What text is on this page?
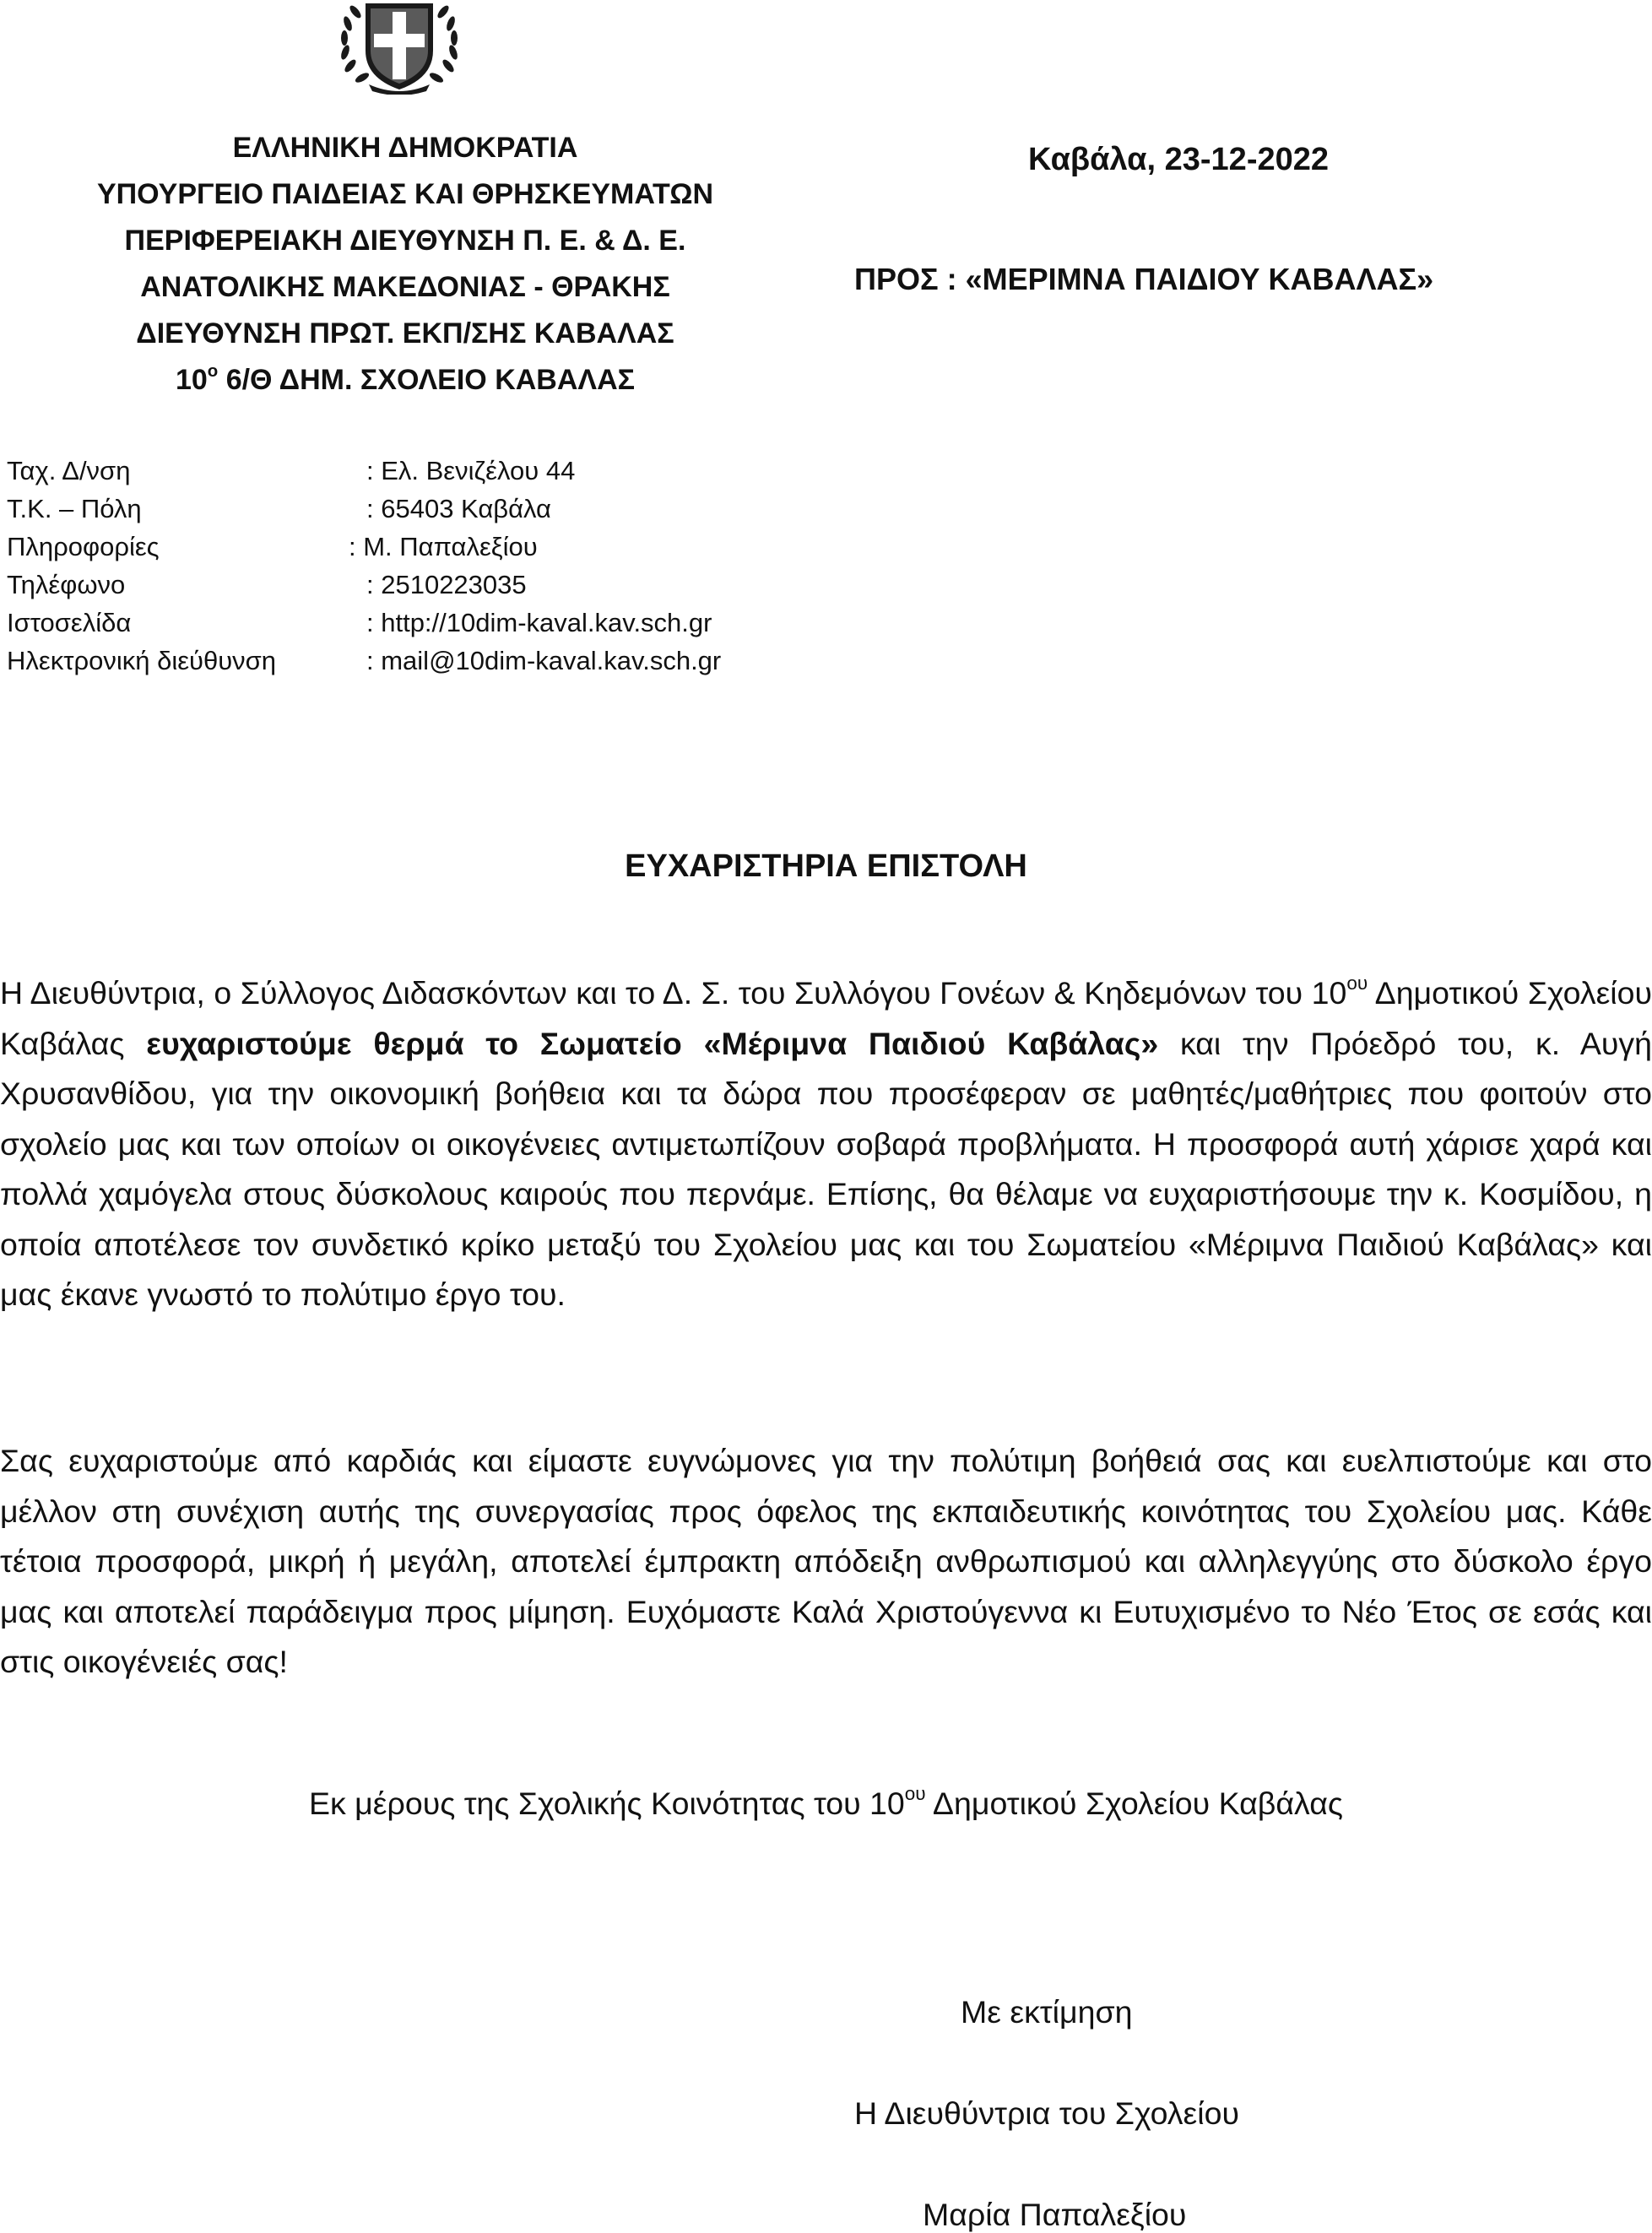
ΕΛΛΗΝΙΚΗ ΔΗΜΟΚΡΑΤΙΑ
ΥΠΟΥΡΓΕΙΟ ΠΑΙΔΕΙΑΣ ΚΑΙ ΘΡΗΣΚΕΥΜΑΤΩΝ
ΠΕΡΙΦΕΡΕΙΑΚΗ ΔΙΕΥΘΥΝΣΗ Π. Ε. & Δ. Ε.
ΑΝΑΤΟΛΙΚΗΣ ΜΑΚΕΔΟΝΙΑΣ - ΘΡΑΚΗΣ
ΔΙΕΥΘΥΝΣΗ ΠΡΩΤ. ΕΚΠ/ΣΗΣ ΚΑΒΑΛΑΣ
$10^o$ 6/Θ ΔΗΜ. ΣΧΟΛΕΙΟ ΚΑΒΑΛΑΣ
Καβάλα, 23-12-2022
ΠΡΟΣ : «ΜΕΡΙΜΝΑ ΠΑΙΔΙΟΥ ΚΑΒΑΛΑΣ»
Ταχ. Δ/νση	: Ελ. Βενιζέλου 44
Τ.Κ. – Πόλη	: 65403 Καβάλα
Πληροφορίες	: Μ. Παπαλεξίου
Τηλέφωνο	: 2510223035
Ιστοσελίδα	: http://10dim-kaval.kav.sch.gr
Ηλεκτρονική διεύθυνση	: mail@10dim-kaval.kav.sch.gr
ΕΥΧΑΡΙΣΤΗΡΙΑ ΕΠΙΣΤΟΛΗ
Η Διευθύντρια, ο Σύλλογος Διδασκόντων και το Δ. Σ. του Συλλόγου Γονέων & Κηδεμόνων του $10^{o\upsilon}$ Δημοτικού Σχολείου Καβάλας ευχαριστούμε θερμά το Σωματείο «Μέριμνα Παιδιού Καβάλας» και την Πρόεδρό του, κ. Αυγή Χρυσανθίδου, για την οικονομική βοήθεια και τα δώρα που προσέφεραν σε μαθητές/μαθήτριες που φοιτούν στο σχολείο μας και των οποίων οι οικογένειες αντιμετωπίζουν σοβαρά προβλήματα. Η προσφορά αυτή χάρισε χαρά και πολλά χαμόγελα στους δύσκολους καιρούς που περνάμε. Επίσης, θα θέλαμε να ευχαριστήσουμε την κ. Κοσμίδου, η οποία αποτέλεσε τον συνδετικό κρίκο μεταξύ του Σχολείου μας και του Σωματείου «Μέριμνα Παιδιού Καβάλας» και μας έκανε γνωστό το πολύτιμο έργο του.
Σας ευχαριστούμε από καρδιάς και είμαστε ευγνώμονες για την πολύτιμη βοήθειά σας και ευελπιστούμε και στο μέλλον στη συνέχιση αυτής της συνεργασίας προς όφελος της εκπαιδευτικής κοινότητας του Σχολείου μας. Κάθε τέτοια προσφορά, μικρή ή μεγάλη, αποτελεί έμπρακτη απόδειξη ανθρωπισμού και αλληλεγγύης στο δύσκολο έργο μας και αποτελεί παράδειγμα προς μίμηση. Ευχόμαστε Καλά Χριστούγεννα κι Ευτυχισμένο το Νέο Έτος σε εσάς και στις οικογένειές σας!
Εκ μέρους της Σχολικής Κοινότητας του $10^{o\upsilon}$ Δημοτικού Σχολείου Καβάλας
Με εκτίμηση
Η Διευθύντρια του Σχολείου
Μαρία Παπαλεξίου
